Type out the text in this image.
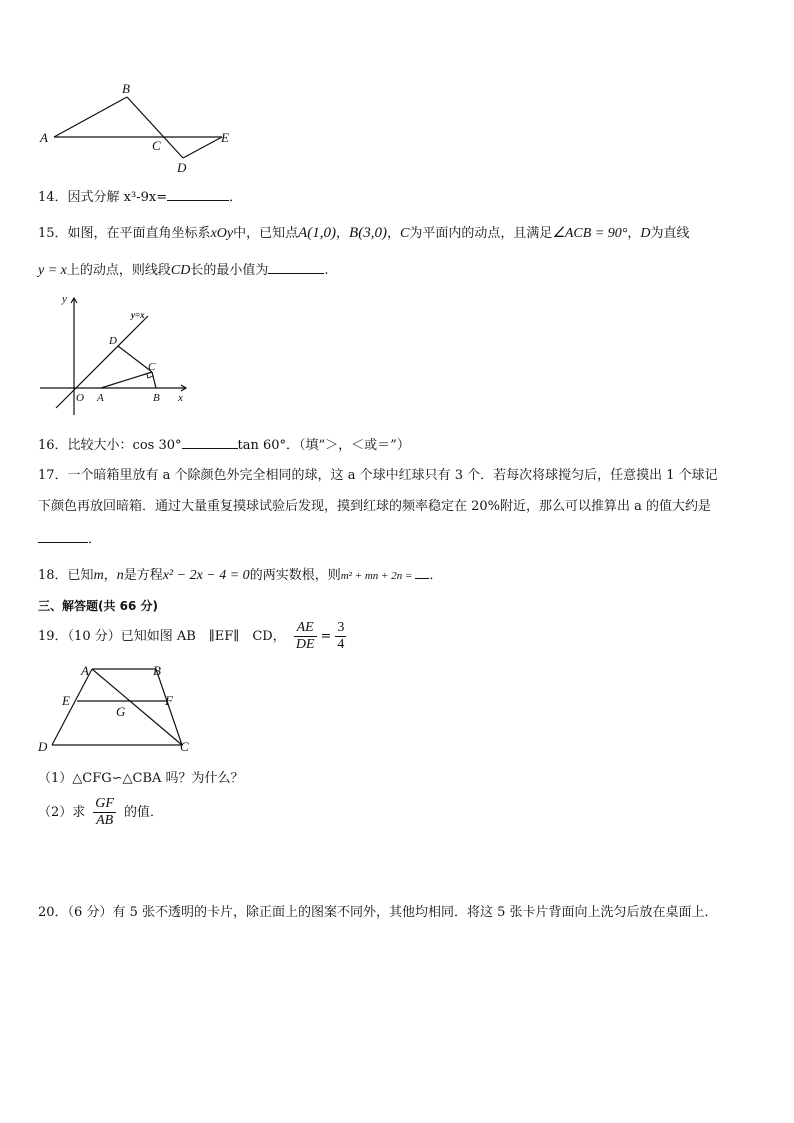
A
B
C
D
E
14．因式分解 x³-9x=	．
15．如图，在平面直角坐标系xOy中，已知点A(1,0)，B(3,0)，C为平面内的动点，且满足∠ACB = 90°，D为直线
y = x上的动点，则线段CD长的最小值为	.
y
y=x
D
C
O A	B x
16．比较大小：cos 30°	tan 60°．（填“＞，＜或＝”）
17．一个暗箱里放有 a 个除颜色外完全相同的球，这 a 个球中红球只有 3 个．若每次将球搅匀后，任意摸出 1 个球记
下颜色再放回暗箱．通过大量重复摸球试验后发现，摸到红球的频率稳定在 20%附近，那么可以推算出 a 的值大约是
．
18．已知m，n是方程x² − 2x − 4 = 0的两实数根，则m² + mn + 2n = ．
三、解答题(共 66 分)
19．（10 分）已知如图 AB　∥EF∥　CD， $\frac{AE}{DE} = \frac{3}{4}$
A	B
E	F
G
D	C
（1）△CFG∽△CBA 吗？为什么？
（2）求 $\frac{GF}{AB}$ 的值．
20．（6 分）有 5 张不透明的卡片，除正面上的图案不同外，其他均相同．将这 5 张卡片背面向上洗匀后放在桌面上．
